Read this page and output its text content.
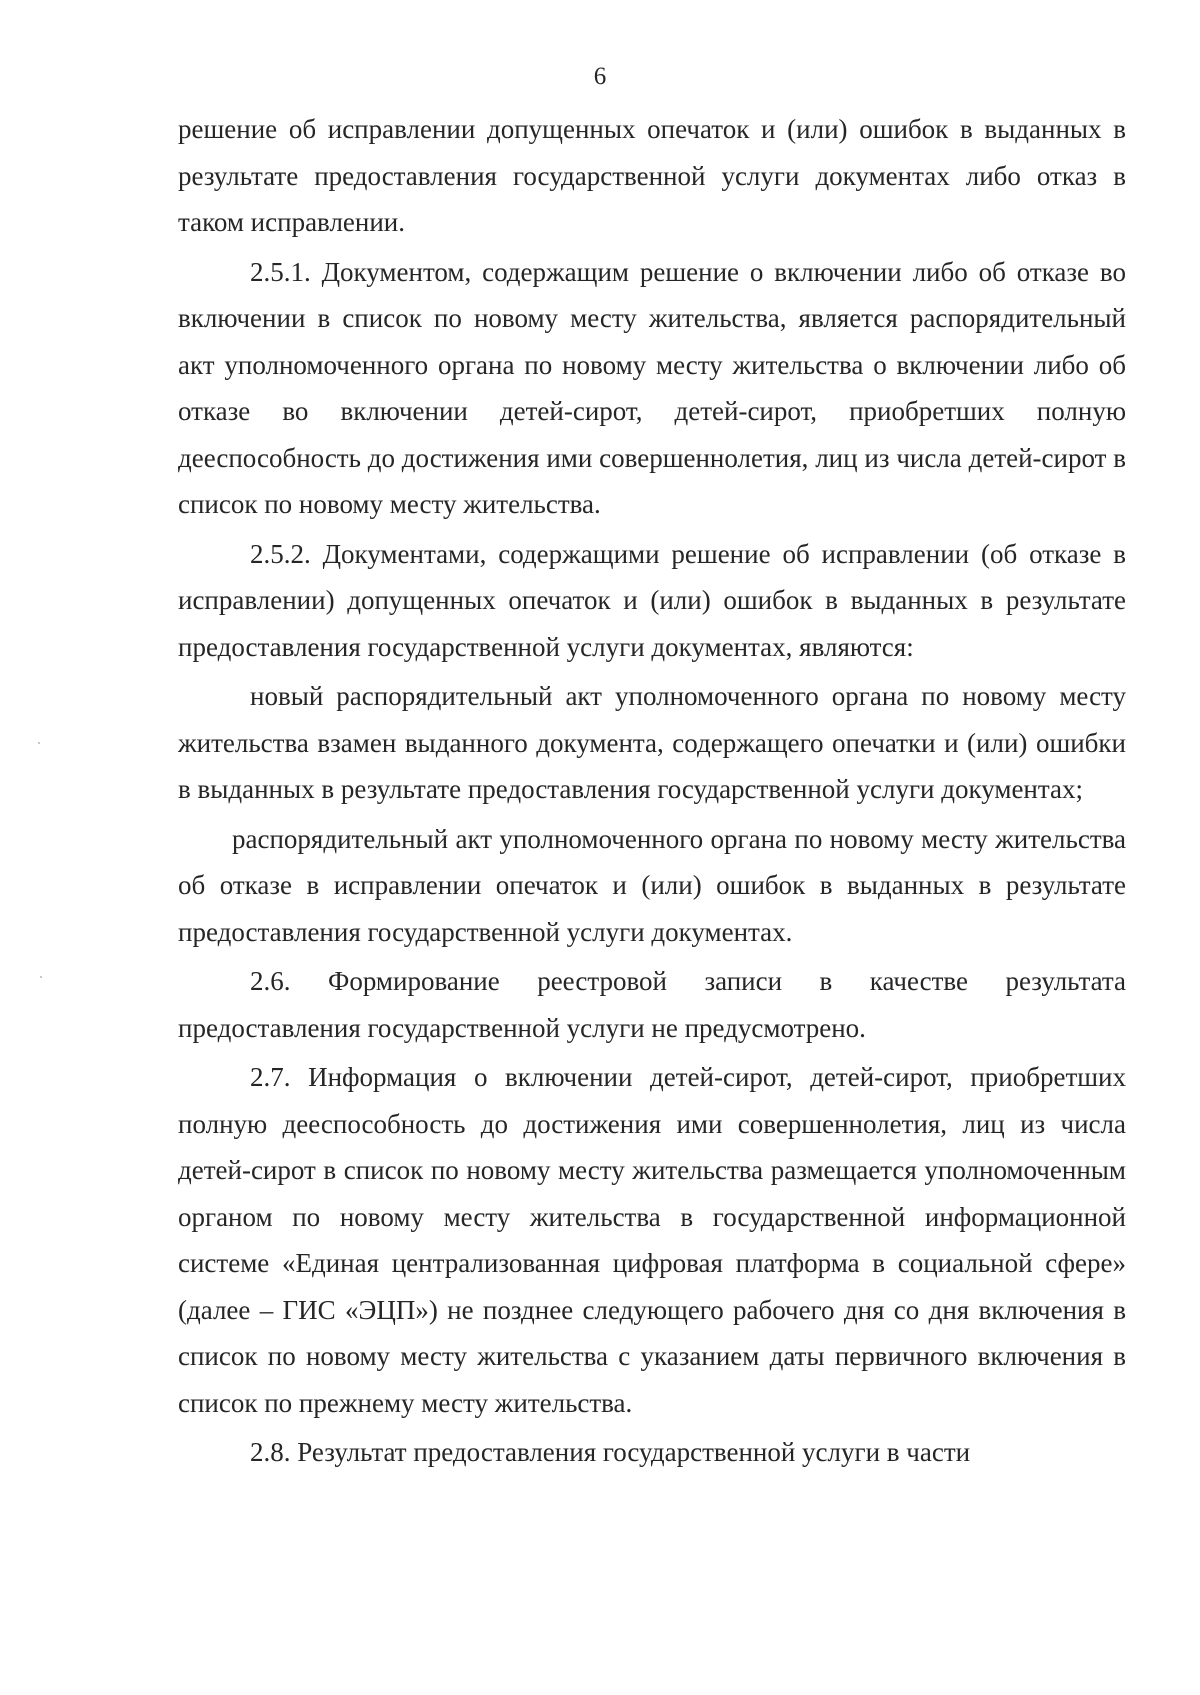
6

решение об исправлении допущенных опечаток и (или) ошибок в выданных в результате предоставления государственной услуги документах либо отказ в таком исправлении.

2.5.1. Документом, содержащим решение о включении либо об отказе во включении в список по новому месту жительства, является распорядительный акт уполномоченного органа по новому месту жительства о включении либо об отказе во включении детей-сирот, детей-сирот, приобретших полную дееспособность до достижения ими совершеннолетия, лиц из числа детей-сирот в список по новому месту жительства.

2.5.2. Документами, содержащими решение об исправлении (об отказе в исправлении) допущенных опечаток и (или) ошибок в выданных в результате предоставления государственной услуги документах, являются:

новый распорядительный акт уполномоченного органа по новому месту жительства взамен выданного документа, содержащего опечатки и (или) ошибки в выданных в результате предоставления государственной услуги документах;

распорядительный акт уполномоченного органа по новому месту жительства об отказе в исправлении опечаток и (или) ошибок в выданных в результате предоставления государственной услуги документах.

2.6. Формирование реестровой записи в качестве результата предоставления государственной услуги не предусмотрено.

2.7. Информация о включении детей-сирот, детей-сирот, приобретших полную дееспособность до достижения ими совершеннолетия, лиц из числа детей-сирот в список по новому месту жительства размещается уполномоченным органом по новому месту жительства в государственной информационной системе «Единая централизованная цифровая платформа в социальной сфере» (далее – ГИС «ЭЦП») не позднее следующего рабочего дня со дня включения в список по новому месту жительства с указанием даты первичного включения в список по прежнему месту жительства.

2.8. Результат предоставления государственной услуги в части
